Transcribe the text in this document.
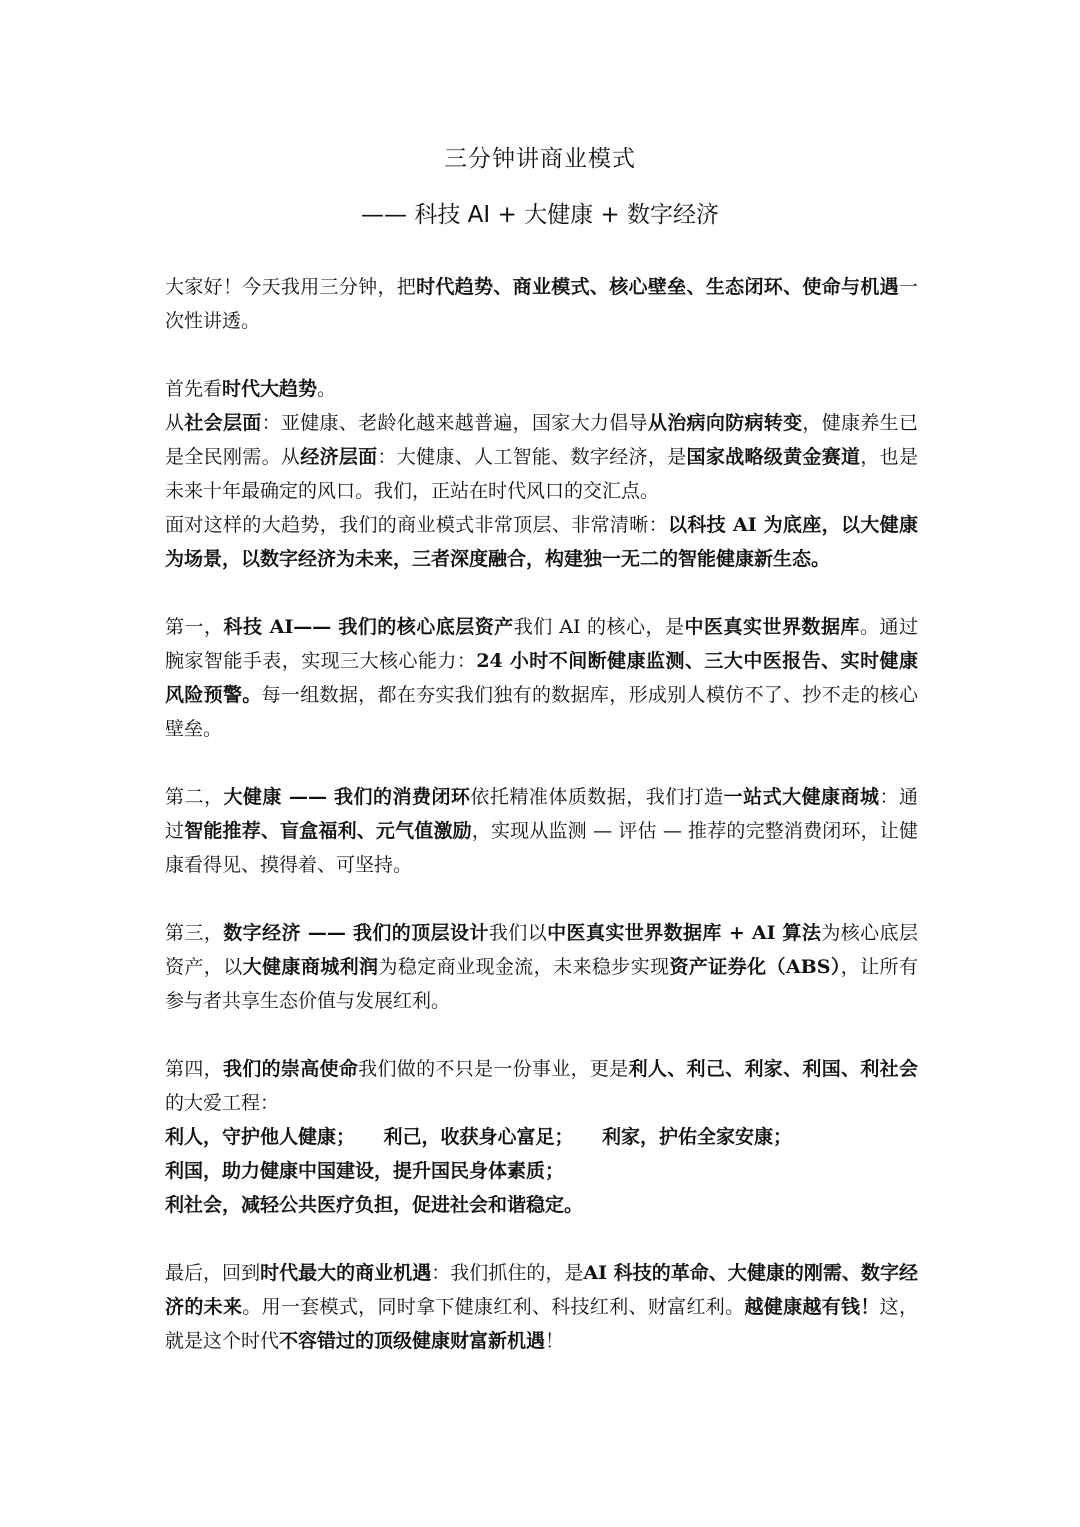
三分钟讲商业模式
—— 科技 AI + 大健康 + 数字经济

大家好！今天我用三分钟，把时代趋势、商业模式、核心壁垒、生态闭环、使命与机遇一次性讲透。

首先看时代大趋势。
从社会层面：亚健康、老龄化越来越普遍，国家大力倡导从治病向防病转变，健康养生已是全民刚需。从经济层面：大健康、人工智能、数字经济，是国家战略级黄金赛道，也是未来十年最确定的风口。我们，正站在时代风口的交汇点。
面对这样的大趋势，我们的商业模式非常顶层、非常清晰：以科技 AI 为底座，以大健康为场景，以数字经济为未来，三者深度融合，构建独一无二的智能健康新生态。

第一，科技 AI—— 我们的核心底层资产我们 AI 的核心，是中医真实世界数据库。通过腕家智能手表，实现三大核心能力：24 小时不间断健康监测、三大中医报告、实时健康风险预警。每一组数据，都在夯实我们独有的数据库，形成别人模仿不了、抄不走的核心壁垒。

第二，大健康 —— 我们的消费闭环依托精准体质数据，我们打造一站式大健康商城：通过智能推荐、盲盒福利、元气值激励，实现从监测 — 评估 — 推荐的完整消费闭环，让健康看得见、摸得着、可坚持。

第三，数字经济 —— 我们的顶层设计我们以中医真实世界数据库 + AI 算法为核心底层资产，以大健康商城利润为稳定商业现金流，未来稳步实现资产证券化（ABS），让所有参与者共享生态价值与发展红利。

第四，我们的崇高使命我们做的不只是一份事业，更是利人、利己、利家、利国、利社会的大爱工程：
利人，守护他人健康；　　利己，收获身心富足；　　利家，护佑全家安康；
利国，助力健康中国建设，提升国民身体素质；
利社会，减轻公共医疗负担，促进社会和谐稳定。

最后，回到时代最大的商业机遇：我们抓住的，是AI 科技的革命、大健康的刚需、数字经济的未来。用一套模式，同时拿下健康红利、科技红利、财富红利。越健康越有钱！这，就是这个时代不容错过的顶级健康财富新机遇！
